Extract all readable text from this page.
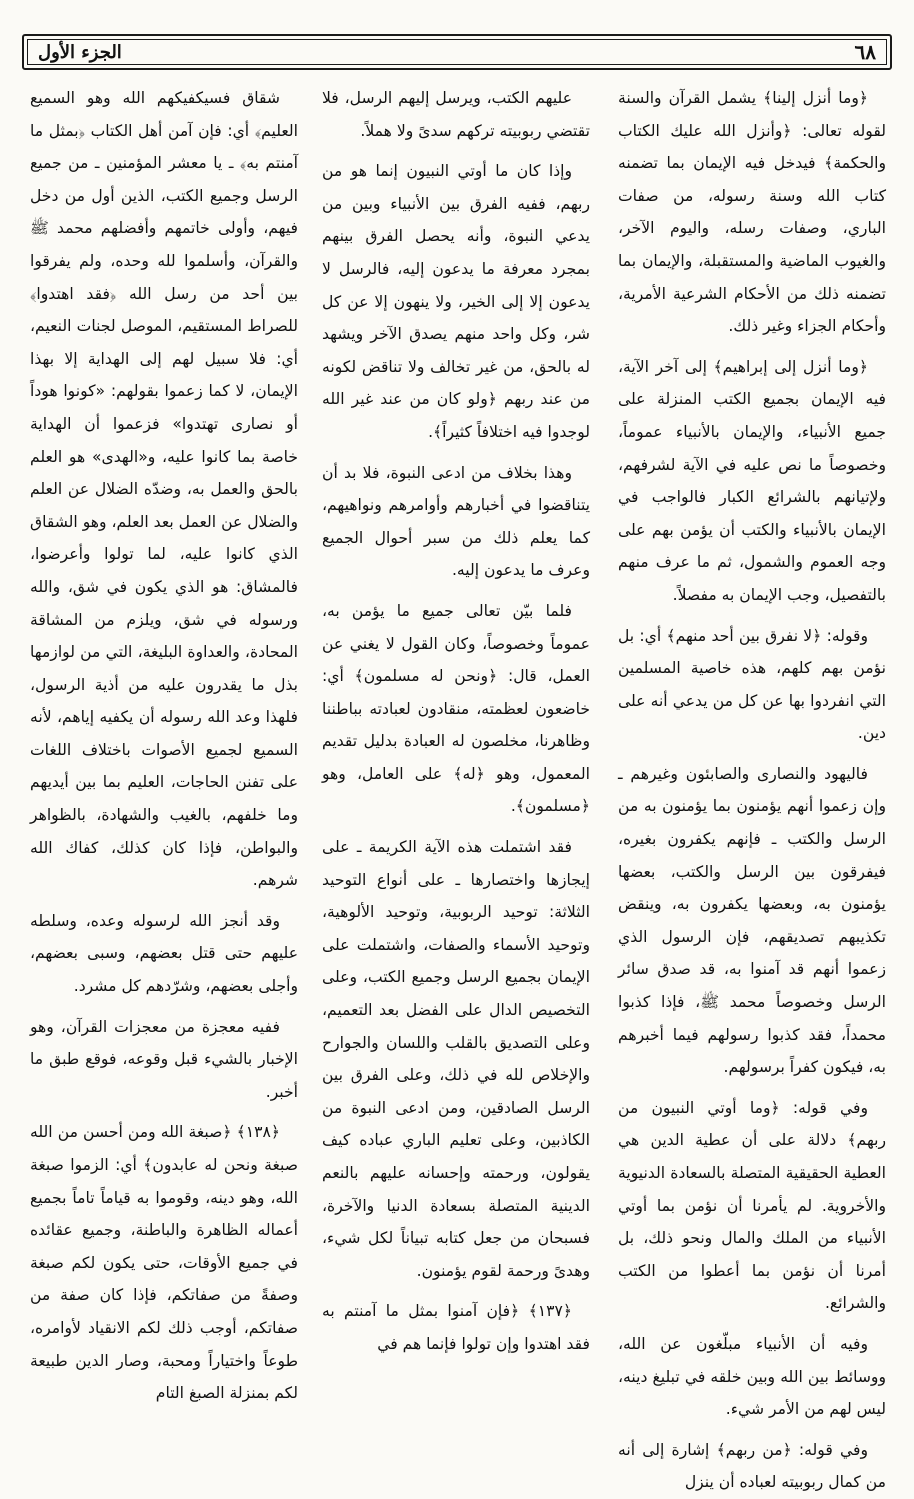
٦٨
الجزء الأول

﴿وما أنزل إلينا﴾ يشمل القرآن والسنة لقوله تعالى: ﴿وأنزل الله عليك الكتاب والحكمة﴾ فيدخل فيه الإيمان بما تضمنه كتاب الله وسنة رسوله، من صفات الباري، وصفات رسله، واليوم الآخر، والغيوب الماضية والمستقبلة، والإيمان بما تضمنه ذلك من الأحكام الشرعية الأمرية، وأحكام الجزاء وغير ذلك.

﴿وما أنزل إلى إبراهيم﴾ إلى آخر الآية، فيه الإيمان بجميع الكتب المنزلة على جميع الأنبياء، والإيمان بالأنبياء عموماً، وخصوصاً ما نص عليه في الآية لشرفهم، ولإتيانهم بالشرائع الكبار فالواجب في الإيمان بالأنبياء والكتب أن يؤمن بهم على وجه العموم والشمول، ثم ما عرف منهم بالتفصيل، وجب الإيمان به مفصلاً.

وقوله: ﴿لا نفرق بين أحد منهم﴾ أي: بل نؤمن بهم كلهم، هذه خاصية المسلمين التي انفردوا بها عن كل من يدعي أنه على دين.

فاليهود والنصارى والصابئون وغيرهم ـ وإن زعموا أنهم يؤمنون بما يؤمنون به من الرسل والكتب ـ فإنهم يكفرون بغيره، فيفرقون بين الرسل والكتب، بعضها يؤمنون به، وبعضها يكفرون به، وينقض تكذيبهم تصديقهم، فإن الرسول الذي زعموا أنهم قد آمنوا به، قد صدق سائر الرسل وخصوصاً محمد ﷺ، فإذا كذبوا محمداً، فقد كذبوا رسولهم فيما أخبرهم به، فيكون كفراً برسولهم.

وفي قوله: ﴿وما أوتي النبيون من ربهم﴾ دلالة على أن عطية الدين هي العطية الحقيقية المتصلة بالسعادة الدنيوية والأخروية. لم يأمرنا أن نؤمن بما أوتي الأنبياء من الملك والمال ونحو ذلك، بل أمرنا أن نؤمن بما أعطوا من الكتب والشرائع.

وفيه أن الأنبياء مبلّغون عن الله، ووسائط بين الله وبين خلقه في تبليغ دينه، ليس لهم من الأمر شيء.

وفي قوله: ﴿من ربهم﴾ إشارة إلى أنه من كمال ربوبيته لعباده أن ينزل

عليهم الكتب، ويرسل إليهم الرسل، فلا تقتضي ربوبيته تركهم سدىً ولا هملاً.

وإذا كان ما أوتي النبيون إنما هو من ربهم، ففيه الفرق بين الأنبياء وبين من يدعي النبوة، وأنه يحصل الفرق بينهم بمجرد معرفة ما يدعون إليه، فالرسل لا يدعون إلا إلى الخير، ولا ينهون إلا عن كل شر، وكل واحد منهم يصدق الآخر ويشهد له بالحق، من غير تخالف ولا تناقض لكونه من عند ربهم ﴿ولو كان من عند غير الله لوجدوا فيه اختلافاً كثيراً﴾.

وهذا بخلاف من ادعى النبوة، فلا بد أن يتناقضوا في أخبارهم وأوامرهم ونواهيهم، كما يعلم ذلك من سبر أحوال الجميع وعرف ما يدعون إليه.

فلما بيّن تعالى جميع ما يؤمن به، عموماً وخصوصاً، وكان القول لا يغني عن العمل، قال: ﴿ونحن له مسلمون﴾ أي: خاضعون لعظمته، منقادون لعبادته بباطننا وظاهرنا، مخلصون له العبادة بدليل تقديم المعمول، وهو ﴿له﴾ على العامل، وهو ﴿مسلمون﴾.

فقد اشتملت هذه الآية الكريمة ـ على إيجازها واختصارها ـ على أنواع التوحيد الثلاثة: توحيد الربوبية، وتوحيد الألوهية، وتوحيد الأسماء والصفات، واشتملت على الإيمان بجميع الرسل وجميع الكتب، وعلى التخصيص الدال على الفضل بعد التعميم، وعلى التصديق بالقلب واللسان والجوارح والإخلاص لله في ذلك، وعلى الفرق بين الرسل الصادقين، ومن ادعى النبوة من الكاذبين، وعلى تعليم الباري عباده كيف يقولون، ورحمته وإحسانه عليهم بالنعم الدينية المتصلة بسعادة الدنيا والآخرة، فسبحان من جعل كتابه تبياناً لكل شيء، وهدىً ورحمة لقوم يؤمنون.

﴿١٣٧﴾ ﴿فإن آمنوا بمثل ما آمنتم به فقد اهتدوا وإن تولوا فإنما هم في

شقاق فسيكفيكهم الله وهو السميع العليم﴾ أي: فإن آمن أهل الكتاب ﴿بمثل ما آمنتم به﴾ ـ يا معشر المؤمنين ـ من جميع الرسل وجميع الكتب، الذين أول من دخل فيهم، وأولى خاتمهم وأفضلهم محمد ﷺ والقرآن، وأسلموا لله وحده، ولم يفرقوا بين أحد من رسل الله ﴿فقد اهتدوا﴾ للصراط المستقيم، الموصل لجنات النعيم، أي: فلا سبيل لهم إلى الهداية إلا بهذا الإيمان، لا كما زعموا بقولهم: «كونوا هوداً أو نصارى تهتدوا» فزعموا أن الهداية خاصة بما كانوا عليه، و«الهدى» هو العلم بالحق والعمل به، وضدّه الضلال عن العلم والضلال عن العمل بعد العلم، وهو الشقاق الذي كانوا عليه، لما تولوا وأعرضوا، فالمشاق: هو الذي يكون في شق، والله ورسوله في شق، ويلزم من المشاقة المحادة، والعداوة البليغة، التي من لوازمها بذل ما يقدرون عليه من أذية الرسول، فلهذا وعد الله رسوله أن يكفيه إياهم، لأنه السميع لجميع الأصوات باختلاف اللغات على تفنن الحاجات، العليم بما بين أيديهم وما خلفهم، بالغيب والشهادة، بالظواهر والبواطن، فإذا كان كذلك، كفاك الله شرهم.

وقد أنجز الله لرسوله وعده، وسلطه عليهم حتى قتل بعضهم، وسبى بعضهم، وأجلى بعضهم، وشرّدهم كل مشرد.

ففيه معجزة من معجزات القرآن، وهو الإخبار بالشيء قبل وقوعه، فوقع طبق ما أخبر.

﴿١٣٨﴾ ﴿صبغة الله ومن أحسن من الله صبغة ونحن له عابدون﴾ أي: الزموا صبغة الله، وهو دينه، وقوموا به قياماً تاماً بجميع أعماله الظاهرة والباطنة، وجميع عقائده في جميع الأوقات، حتى يكون لكم صبغة وصفةً من صفاتكم، فإذا كان صفة من صفاتكم، أوجب ذلك لكم الانقياد لأوامره، طوعاً واختياراً ومحبة، وصار الدين طبيعة لكم بمنزلة الصبغ التام
